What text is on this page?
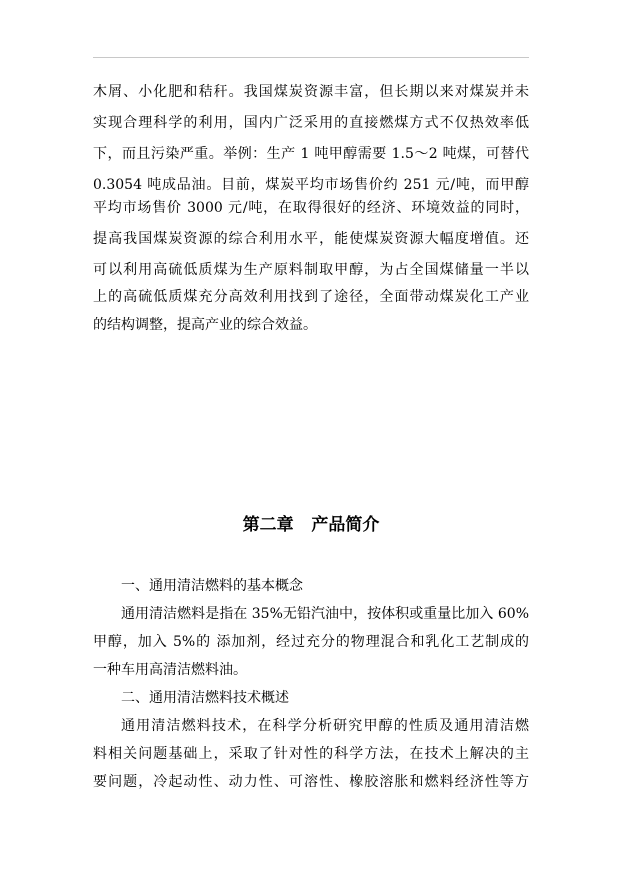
木屑、小化肥和秸秆。我国煤炭资源丰富，但长期以来对煤炭并未
实现合理科学的利用，国内广泛采用的直接燃煤方式不仅热效率低
下，而且污染严重。举例：生产 1 吨甲醇需要 1.5～2 吨煤，可替代
0.3054 吨成品油。目前，煤炭平均市场售价约 251 元/吨，而甲醇
平均市场售价 3000 元/吨，在取得很好的经济、环境效益的同时，
提高我国煤炭资源的综合利用水平，能使煤炭资源大幅度增值。还
可以利用高硫低质煤为生产原料制取甲醇，为占全国煤储量一半以
上的高硫低质煤充分高效利用找到了途径，全面带动煤炭化工产业
的结构调整，提高产业的综合效益。
第二章   产品简介
一、通用清洁燃料的基本概念
通用清洁燃料是指在 35%无铅汽油中，按体积或重量比加入 60%
甲醇，加入 5%的 添加剂，经过充分的物理混合和乳化工艺制成的
一种车用高清洁燃料油。
二、通用清洁燃料技术概述
通用清洁燃料技术，在科学分析研究甲醇的性质及通用清洁燃
料相关问题基础上，采取了针对性的科学方法，在技术上解决的主
要问题，冷起动性、动力性、可溶性、橡胶溶胀和燃料经济性等方
